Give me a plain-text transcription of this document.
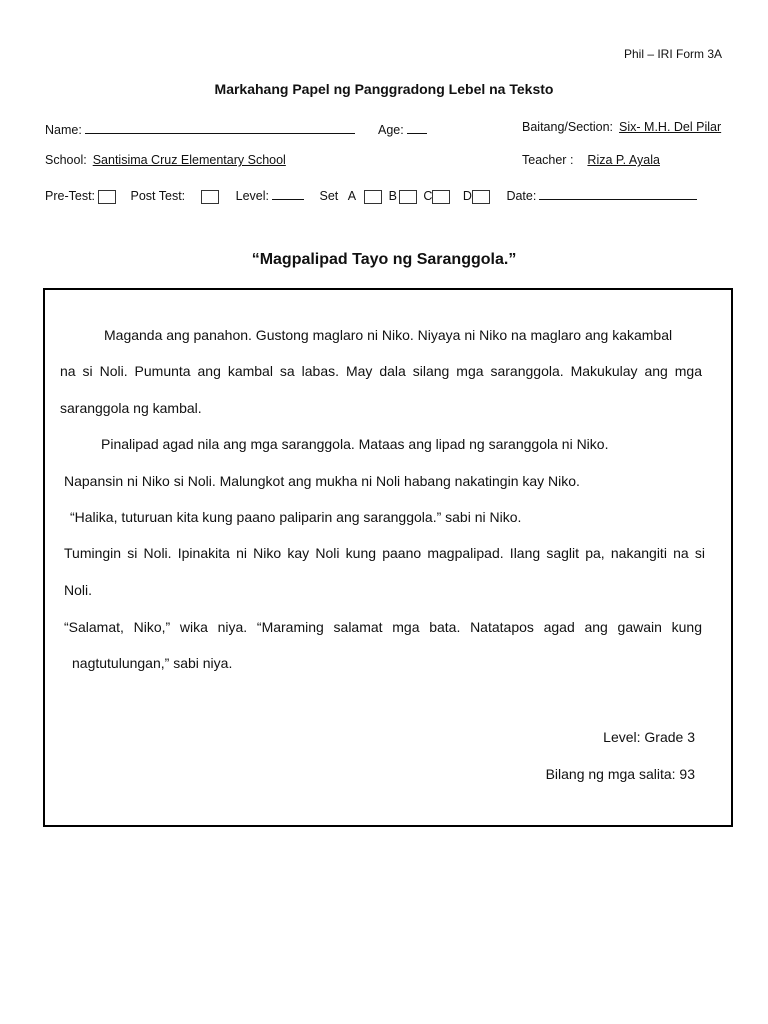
Phil – IRI Form 3A
Markahang Papel ng Panggradong Lebel na Teksto
Name:	Age:	Baitang/Section: Six- M.H. Del Pilar
School: Santisima Cruz Elementary School	Teacher : Riza P. Ayala
Pre-Test:	Post Test:	Level:	Set A	B C D	Date:
“Magpalipad Tayo ng Saranggola.”
Maganda ang panahon. Gustong maglaro ni Niko. Niyaya ni Niko na maglaro ang kakambal
na si Noli. Pumunta ang kambal sa labas. May dala silang mga saranggola. Makukulay ang mga
saranggola ng kambal.
Pinalipad agad nila ang mga saranggola. Mataas ang lipad ng saranggola ni Niko.
Napansin ni Niko si Noli. Malungkot ang mukha ni Noli habang nakatingin kay Niko.
“Halika, tuturuan kita kung paano paliparin ang saranggola.” sabi ni Niko.
Tumingin si Noli. Ipinakita ni Niko kay Noli kung paano magpalipad. Ilang saglit pa, nakangiti na si
Noli.
“Salamat, Niko,” wika niya. “Maraming salamat mga bata. Natatapos agad ang gawain kung
nagtutulungan,” sabi niya.
Level: Grade 3
Bilang ng mga salita: 93
